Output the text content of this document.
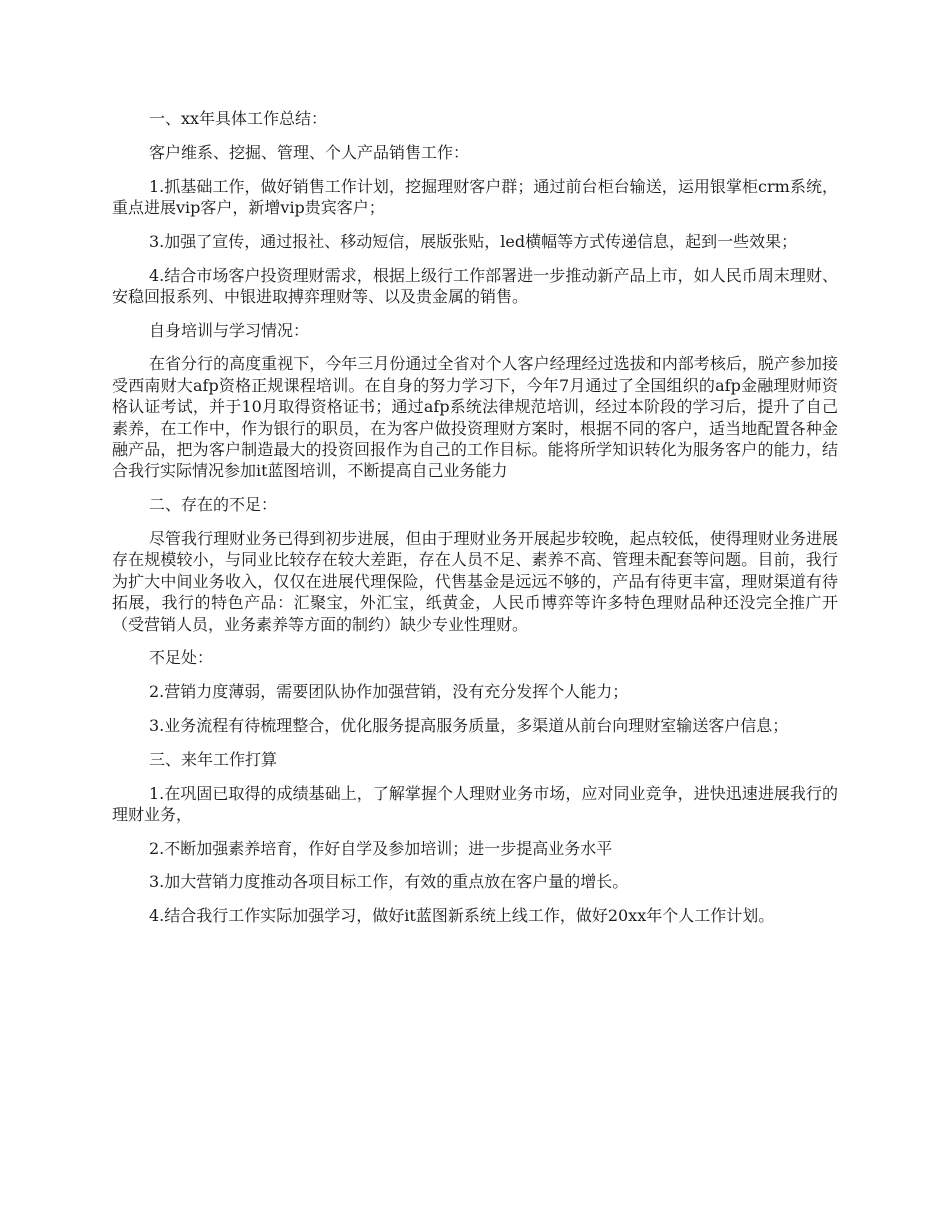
一、xx年具体工作总结：

客户维系、挖掘、管理、个人产品销售工作：

1.抓基础工作，做好销售工作计划，挖掘理财客户群；通过前台柜台输送，运用银掌柜crm系统，重点进展vip客户，新增vip贵宾客户；

3.加强了宣传，通过报社、移动短信，展版张贴，led横幅等方式传递信息，起到一些效果；

4.结合市场客户投资理财需求，根据上级行工作部署进一步推动新产品上市，如人民币周末理财、安稳回报系列、中银进取搏弈理财等、以及贵金属的销售。

自身培训与学习情况：

在省分行的高度重视下，今年三月份通过全省对个人客户经理经过选拔和内部考核后，脱产参加接受西南财大afp资格正规课程培训。在自身的努力学习下，今年7月通过了全国组织的afp金融理财师资格认证考试，并于10月取得资格证书；通过afp系统法律规范培训，经过本阶段的学习后，提升了自己素养，在工作中，作为银行的职员，在为客户做投资理财方案时，根据不同的客户，适当地配置各种金融产品，把为客户制造最大的投资回报作为自己的工作目标。能将所学知识转化为服务客户的能力，结合我行实际情况参加it蓝图培训，不断提高自己业务能力

二、存在的不足：

尽管我行理财业务已得到初步进展，但由于理财业务开展起步较晚，起点较低，使得理财业务进展存在规模较小，与同业比较存在较大差距，存在人员不足、素养不高、管理未配套等问题。目前，我行为扩大中间业务收入，仅仅在进展代理保险，代售基金是远远不够的，产品有待更丰富，理财渠道有待拓展，我行的特色产品：汇聚宝，外汇宝，纸黄金，人民币博弈等许多特色理财品种还没完全推广开（受营销人员，业务素养等方面的制约）缺少专业性理财。

不足处：

2.营销力度薄弱，需要团队协作加强营销，没有充分发挥个人能力；

3.业务流程有待梳理整合，优化服务提高服务质量，多渠道从前台向理财室输送客户信息；

三、来年工作打算

1.在巩固已取得的成绩基础上，了解掌握个人理财业务市场，应对同业竞争，进快迅速进展我行的理财业务，

2.不断加强素养培育，作好自学及参加培训；进一步提高业务水平

3.加大营销力度推动各项目标工作，有效的重点放在客户量的增长。

4.结合我行工作实际加强学习，做好it蓝图新系统上线工作，做好20xx年个人工作计划。
